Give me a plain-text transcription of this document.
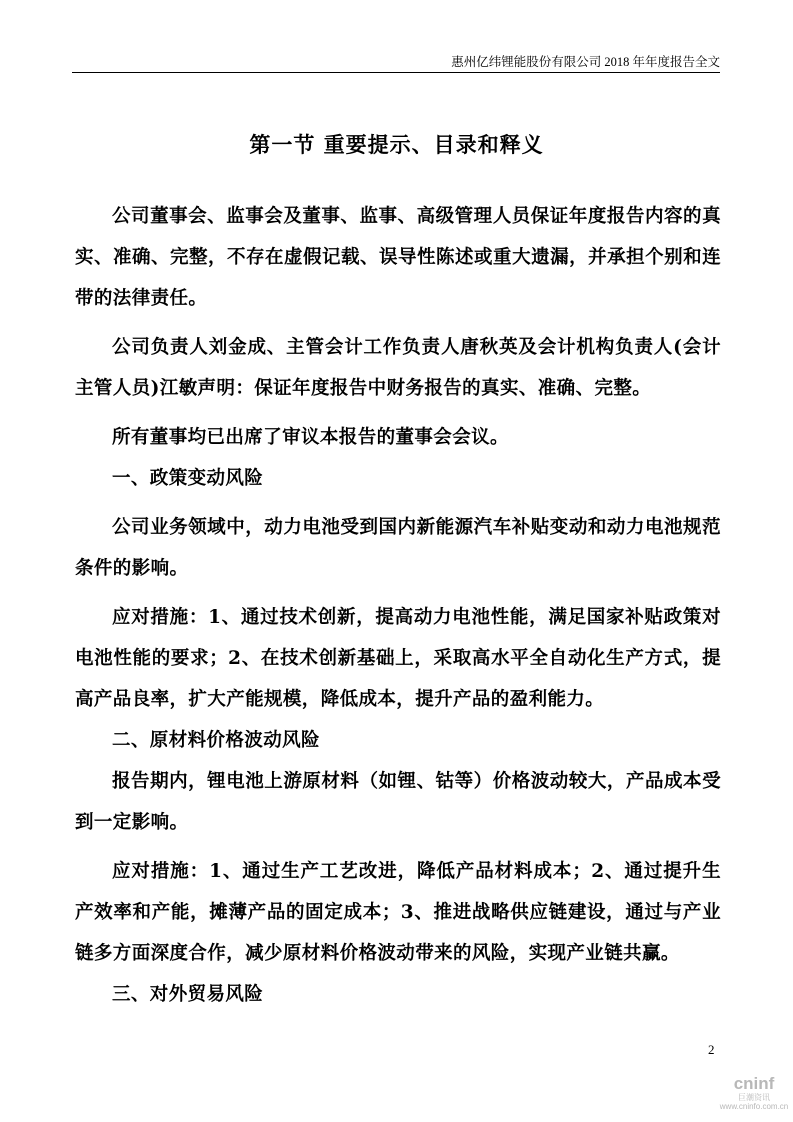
惠州亿纬锂能股份有限公司 2018 年年度报告全文
第一节 重要提示、目录和释义

公司董事会、监事会及董事、监事、高级管理人员保证年度报告内容的真实、准确、完整，不存在虚假记载、误导性陈述或重大遗漏，并承担个别和连带的法律责任。

公司负责人刘金成、主管会计工作负责人唐秋英及会计机构负责人(会计主管人员)江敏声明：保证年度报告中财务报告的真实、准确、完整。

所有董事均已出席了审议本报告的董事会会议。

一、政策变动风险

公司业务领域中，动力电池受到国内新能源汽车补贴变动和动力电池规范条件的影响。

应对措施：1、通过技术创新，提高动力电池性能，满足国家补贴政策对电池性能的要求；2、在技术创新基础上，采取高水平全自动化生产方式，提高产品良率，扩大产能规模，降低成本，提升产品的盈利能力。

二、原材料价格波动风险

报告期内，锂电池上游原材料（如锂、钴等）价格波动较大，产品成本受到一定影响。

应对措施：1、通过生产工艺改进，降低产品材料成本；2、通过提升生产效率和产能，摊薄产品的固定成本；3、推进战略供应链建设，通过与产业链多方面深度合作，减少原材料价格波动带来的风险，实现产业链共赢。

三、对外贸易风险

2
cninf
巨潮资讯
www.cninfo.com.cn
